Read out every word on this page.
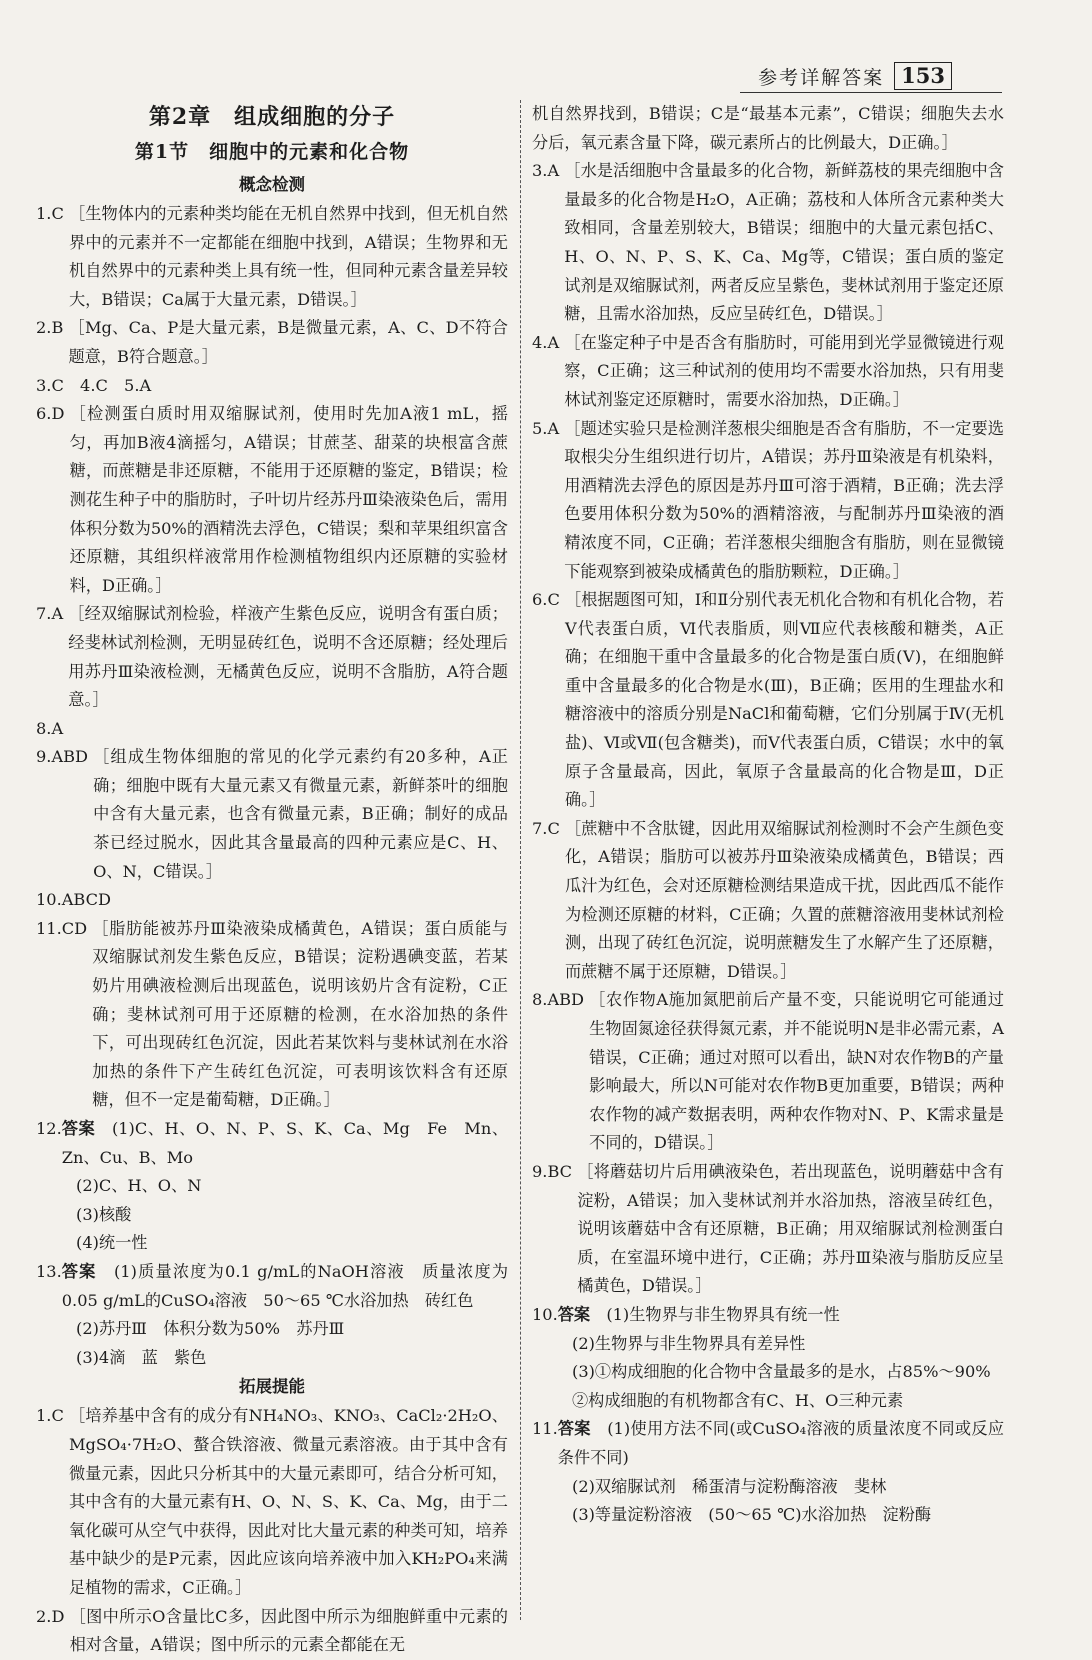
参考详解答案 153

第2章　组成细胞的分子

第1节　细胞中的元素和化合物

概念检测

1.C ［生物体内的元素种类均能在无机自然界中找到，但无机自然界中的元素并不一定都能在细胞中找到，A错误；生物界和无机自然界中的元素种类上具有统一性，但同种元素含量差异较大，B错误；Ca属于大量元素，D错误。］
2.B ［Mg、Ca、P是大量元素，B是微量元素，A、C、D不符合题意，B符合题意。］
3.C　4.C　5.A
6.D ［检测蛋白质时用双缩脲试剂，使用时先加A液1 mL，摇匀，再加B液4滴摇匀，A错误；甘蔗茎、甜菜的块根富含蔗糖，而蔗糖是非还原糖，不能用于还原糖的鉴定，B错误；检测花生种子中的脂肪时，子叶切片经苏丹Ⅲ染液染色后，需用体积分数为50%的酒精洗去浮色，C错误；梨和苹果组织富含还原糖，其组织样液常用作检测植物组织内还原糖的实验材料，D正确。］
7.A ［经双缩脲试剂检验，样液产生紫色反应，说明含有蛋白质；经斐林试剂检测，无明显砖红色，说明不含还原糖；经处理后用苏丹Ⅲ染液检测，无橘黄色反应，说明不含脂肪，A符合题意。］
8.A
9.ABD ［组成生物体细胞的常见的化学元素约有20多种，A正确；细胞中既有大量元素又有微量元素，新鲜茶叶的细胞中含有大量元素，也含有微量元素，B正确；制好的成品茶已经过脱水，因此其含量最高的四种元素应是C、H、O、N，C错误。］
10.ABCD
11.CD ［脂肪能被苏丹Ⅲ染液染成橘黄色，A错误；蛋白质能与双缩脲试剂发生紫色反应，B错误；淀粉遇碘变蓝，若某奶片用碘液检测后出现蓝色，说明该奶片含有淀粉，C正确；斐林试剂可用于还原糖的检测，在水浴加热的条件下，可出现砖红色沉淀，因此若某饮料与斐林试剂在水浴加热的条件下产生砖红色沉淀，可表明该饮料含有还原糖，但不一定是葡萄糖，D正确。］
12. 答案　 (1)C、H、O、N、P、S、K、Ca、Mg　Fe　Mn、Zn、Cu、B、Mo
(2)C、H、O、N
(3)核酸
(4)统一性
13. 答案　 (1)质量浓度为0.1 g/mL的NaOH溶液　质量浓度为0.05 g/mL的CuSO₄溶液　50～65 ℃水浴加热　砖红色
(2)苏丹Ⅲ　体积分数为50%　苏丹Ⅲ
(3)4滴　蓝　紫色

拓展提能

1.C ［培养基中含有的成分有NH₄NO₃、KNO₃、CaCl₂·2H₂O、MgSO₄·7H₂O、螯合铁溶液、微量元素溶液。由于其中含有微量元素，因此只分析其中的大量元素即可，结合分析可知，其中含有的大量元素有H、O、N、S、K、Ca、Mg，由于二氧化碳可从空气中获得，因此对比大量元素的种类可知，培养基中缺少的是P元素，因此应该向培养液中加入KH₂PO₄来满足植物的需求，C正确。］
2.D ［图中所示O含量比C多，因此图中所示为细胞鲜重中元素的相对含量，A错误；图中所示的元素全都能在无
机自然界找到，B错误；C是“最基本元素”，C错误；细胞失去水分后，氧元素含量下降，碳元素所占的比例最大，D正确。］
3.A ［水是活细胞中含量最多的化合物，新鲜荔枝的果壳细胞中含量最多的化合物是H₂O，A正确；荔枝和人体所含元素种类大致相同，含量差别较大，B错误；细胞中的大量元素包括C、H、O、N、P、S、K、Ca、Mg等，C错误；蛋白质的鉴定试剂是双缩脲试剂，两者反应呈紫色，斐林试剂用于鉴定还原糖，且需水浴加热，反应呈砖红色，D错误。］
4.A ［在鉴定种子中是否含有脂肪时，可能用到光学显微镜进行观察，C正确；这三种试剂的使用均不需要水浴加热，只有用斐林试剂鉴定还原糖时，需要水浴加热，D正确。］
5.A ［题述实验只是检测洋葱根尖细胞是否含有脂肪，不一定要选取根尖分生组织进行切片，A错误；苏丹Ⅲ染液是有机染料，用酒精洗去浮色的原因是苏丹Ⅲ可溶于酒精，B正确；洗去浮色要用体积分数为50%的酒精溶液，与配制苏丹Ⅲ染液的酒精浓度不同，C正确；若洋葱根尖细胞含有脂肪，则在显微镜下能观察到被染成橘黄色的脂肪颗粒，D正确。］
6.C ［根据题图可知，Ⅰ和Ⅱ分别代表无机化合物和有机化合物，若Ⅴ代表蛋白质，Ⅵ代表脂质，则Ⅶ应代表核酸和糖类，A正确；在细胞干重中含量最多的化合物是蛋白质(Ⅴ)，在细胞鲜重中含量最多的化合物是水(Ⅲ)，B正确；医用的生理盐水和糖溶液中的溶质分别是NaCl和葡萄糖，它们分别属于Ⅳ(无机盐)、Ⅵ或Ⅶ(包含糖类)，而Ⅴ代表蛋白质，C错误；水中的氧原子含量最高，因此，氧原子含量最高的化合物是Ⅲ，D正确。］
7.C ［蔗糖中不含肽键，因此用双缩脲试剂检测时不会产生颜色变化，A错误；脂肪可以被苏丹Ⅲ染液染成橘黄色，B错误；西瓜汁为红色，会对还原糖检测结果造成干扰，因此西瓜不能作为检测还原糖的材料，C正确；久置的蔗糖溶液用斐林试剂检测，出现了砖红色沉淀，说明蔗糖发生了水解产生了还原糖，而蔗糖不属于还原糖，D错误。］
8.ABD ［农作物A施加氮肥前后产量不变，只能说明它可能通过生物固氮途径获得氮元素，并不能说明N是非必需元素，A错误，C正确；通过对照可以看出，缺N对农作物B的产量影响最大，所以N可能对农作物B更加重要，B错误；两种农作物的减产数据表明，两种农作物对N、P、K需求量是不同的，D错误。］
9.BC ［将蘑菇切片后用碘液染色，若出现蓝色，说明蘑菇中含有淀粉，A错误；加入斐林试剂并水浴加热，溶液呈砖红色，说明该蘑菇中含有还原糖，B正确；用双缩脲试剂检测蛋白质，在室温环境中进行，C正确；苏丹Ⅲ染液与脂肪反应呈橘黄色，D错误。］
10. 答案　 (1)生物界与非生物界具有统一性
(2)生物界与非生物界具有差异性
(3)①构成细胞的化合物中含量最多的是水，占85%～90%　②构成细胞的有机物都含有C、H、O三种元素
11. 答案　 (1)使用方法不同(或CuSO₄溶液的质量浓度不同或反应条件不同)
(2)双缩脲试剂　稀蛋清与淀粉酶溶液　斐林
(3)等量淀粉溶液　(50～65 ℃)水浴加热　淀粉酶
